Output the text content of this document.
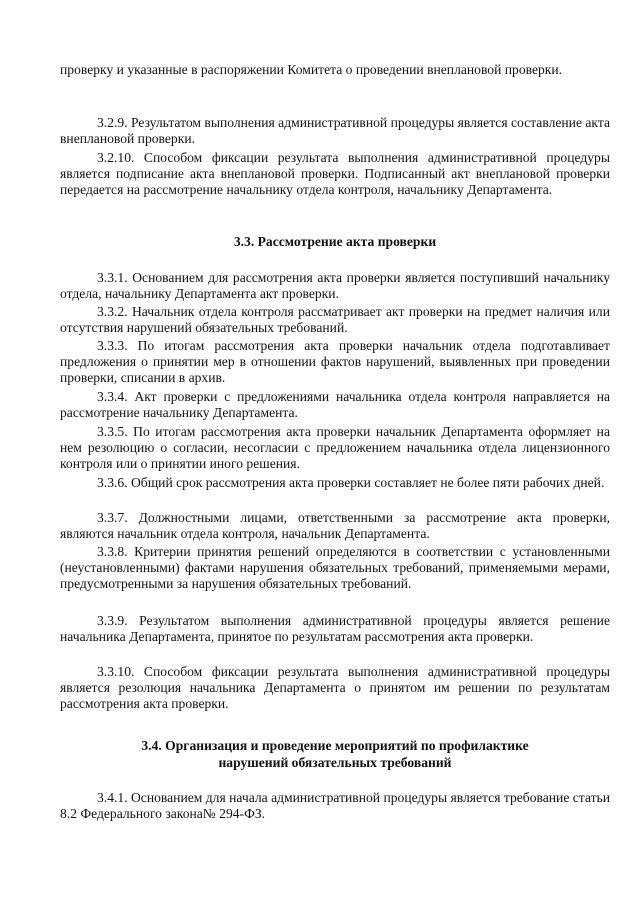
проверку и указанные в распоряжении Комитета о проведении внеплановой проверки.

3.2.9. Результатом выполнения административной процедуры является составление акта внеплановой проверки.

3.2.10. Способом фиксации результата выполнения административной процедуры является подписание акта внеплановой проверки. Подписанный акт внеплановой проверки передается на рассмотрение начальнику отдела контроля, начальнику Департамента.

3.3. Рассмотрение акта проверки

3.3.1. Основанием для рассмотрения акта проверки является поступивший начальнику отдела, начальнику Департамента акт проверки.

3.3.2. Начальник отдела контроля рассматривает акт проверки на предмет наличия или отсутствия нарушений обязательных требований.

3.3.3. По итогам рассмотрения акта проверки начальник отдела подготавливает предложения о принятии мер в отношении фактов нарушений, выявленных при проведении проверки, списании в архив.

3.3.4. Акт проверки с предложениями начальника отдела контроля направляется на рассмотрение начальнику Департамента.

3.3.5. По итогам рассмотрения акта проверки начальник Департамента оформляет на нем резолюцию о согласии, несогласии с предложением начальника отдела лицензионного контроля или о принятии иного решения.

3.3.6. Общий срок рассмотрения акта проверки составляет не более пяти рабочих дней.

3.3.7. Должностными лицами, ответственными за рассмотрение акта проверки, являются начальник отдела контроля, начальник Департамента.

3.3.8. Критерии принятия решений определяются в соответствии с установленными (неустановленными) фактами нарушения обязательных требований, применяемыми мерами, предусмотренными за нарушения обязательных требований.

3.3.9. Результатом выполнения административной процедуры является решение начальника Департамента, принятое по результатам рассмотрения акта проверки.

3.3.10. Способом фиксации результата выполнения административной процедуры является резолюция начальника Департамента о принятом им решении по результатам рассмотрения акта проверки.

3.4. Организация и проведение мероприятий по профилактике

нарушений обязательных требований

3.4.1. Основанием для начала административной процедуры является требование статьи 8.2 Федерального закона№ 294-ФЗ.
